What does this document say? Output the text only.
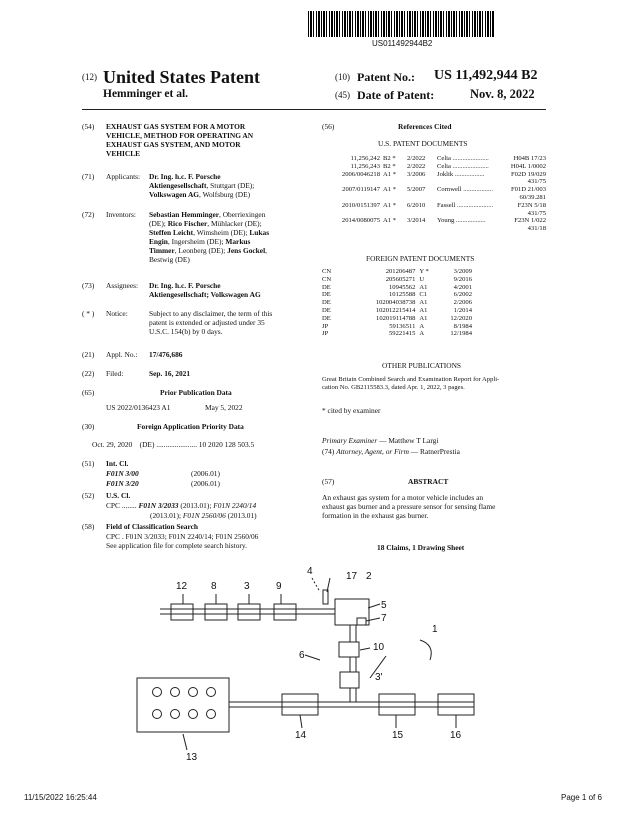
US011492944B2
(12) United States Patent
Hemminger et al.
(10) Patent No.: US 11,492,944 B2
(45) Date of Patent:	Nov. 8, 2022
(54) EXHAUST GAS SYSTEM FOR A MOTOR
VEHICLE, METHOD FOR OPERATING AN
EXHAUST GAS SYSTEM, AND MOTOR
VEHICLE
(71) Applicants: Dr. Ing. h.c. F. Porsche
Aktiengesellschaft, Stuttgart (DE);
Volkswagen AG, Wolfsburg (DE)
(72) Inventors: Sebastian Hemminger, Oberriexingen
(DE); Rico Fischer, Mühlacker (DE);
Steffen Leicht, Wimsheim (DE); Lukas
Engin, Ingersheim (DE); Markus
Timmer, Leonberg (DE); Jens Gockel,
Bestwig (DE)
(73) Assignees: Dr. Ing. h.c. F. Porsche
Aktiengesellschaft; Volkswagen AG
( * ) Notice:	Subject to any disclaimer, the term of this
patent is extended or adjusted under 35
U.S.C. 154(b) by 0 days.
(21) Appl. No.: 17/476,686
(22) Filed:	Sep. 16, 2021
(65)	Prior Publication Data
US 2022/0136423 A1	May 5, 2022
(30)	Foreign Application Priority Data
Oct. 29, 2020 (DE) ...................... 10 2020 128 503.5
(51) Int. Cl.
F01N 3/00	(2006.01)
F01N 3/20	(2006.01)
(52) U.S. Cl.
CPC ........ F01N 3/2033 (2013.01); F01N 2240/14
(2013.01); F01N 2560/06 (2013.01)
(58) Field of Classification Search
CPC . F01N 3/2033; F01N 2240/14; F01N 2560/06
See application file for complete search history.
(56)	References Cited
U.S. PATENT DOCUMENTS
11,256,242	B2 *	2/2022	Celia ......................	H04B 17/23
11,256,243	B2 *	2/2022	Celia ......................	H04L 1/0002
2006/0046218	A1 *	3/2006	Joklik ..................	F02D 19/029
431/75				
2007/0119147	A1 *	5/2007	Cornwell ..................	F01D 21/003
60/39.281				
2010/0151397	A1 *	6/2010	Fassell ......................	F23N 5/18
431/75				
2014/0080075	A1 *	3/2014	Young ..................	F23N 1/022
431/18				
FOREIGN PATENT DOCUMENTS
CN	201206487	Y *	3/2009
CN	205605271	U	9/2016
DE	10945562	A1	4/2001
DE	10125588	C1	6/2002
DE	102004038738	A1	2/2006
DE	102012215414	A1	1/2014
DE	102019114788	A1	12/2020
JP	59136511	A	8/1984
JP	59221415	A	12/1984
OTHER PUBLICATIONS
Great Britain Combined Search and Examination Report for Appli-
cation No. GB2115583.3, dated Apr. 1, 2022, 3 pages.
* cited by examiner
Primary Examiner — Matthew T Largi
(74) Attorney, Agent, or Firm — RatnerPrestia
(57)	ABSTRACT
An exhaust gas system for a motor vehicle includes an
exhaust gas burner and a pressure sensor for sensing flame
formation in the exhaust gas burner.
18 Claims, 1 Drawing Sheet
12 8	3	9
4	17 2
5
7
1
6
10
3'
13
14	15	16
11/15/2022 16:25:44	Page 1 of 6
